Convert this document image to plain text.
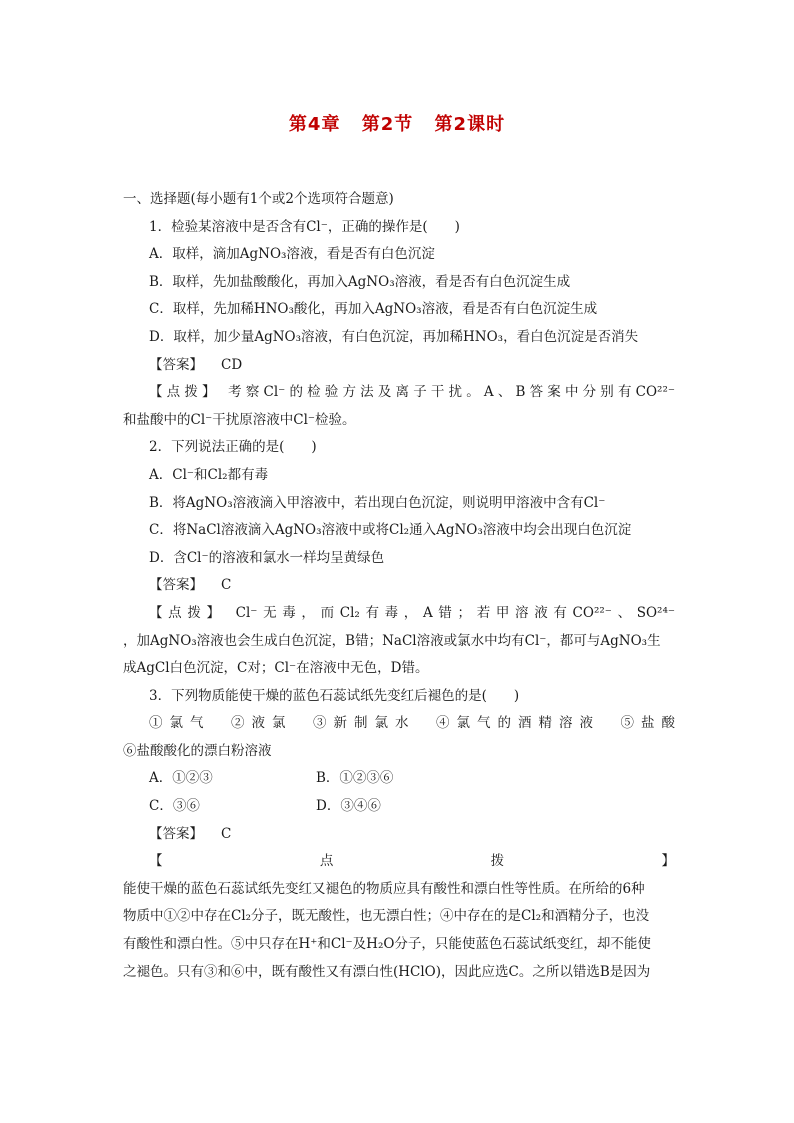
第4章 第2节 第2课时
一、选择题(每小题有1个或2个选项符合题意)
1．检验某溶液中是否含有Cl⁻，正确的操作是(　　)
A．取样，滴加AgNO₃溶液，看是否有白色沉淀
B．取样，先加盐酸酸化，再加入AgNO₃溶液，看是否有白色沉淀生成
C．取样，先加稀HNO₃酸化，再加入AgNO₃溶液，看是否有白色沉淀生成
D．取样，加少量AgNO₃溶液，有白色沉淀，再加稀HNO₃，看白色沉淀是否消失
【答案】 CD
【点拨】 考察Cl⁻的检验方法及离子干扰。A、B答案中分别有CO²²⁻
和盐酸中的Cl⁻干扰原溶液中Cl⁻检验。
2．下列说法正确的是(　　)
A．Cl⁻和Cl₂都有毒
B．将AgNO₃溶液滴入甲溶液中，若出现白色沉淀，则说明甲溶液中含有Cl⁻
C．将NaCl溶液滴入AgNO₃溶液中或将Cl₂通入AgNO₃溶液中均会出现白色沉淀
D．含Cl⁻的溶液和氯水一样均呈黄绿色
【答案】 C
【点拨】 Cl⁻无毒，而Cl₂有毒，A错；若甲溶液有CO²²⁻、SO²⁴⁻
，加AgNO₃溶液也会生成白色沉淀，B错；NaCl溶液或氯水中均有Cl⁻，都可与AgNO₃生
成AgCl白色沉淀，C对；Cl⁻在溶液中无色，D错。
3．下列物质能使干燥的蓝色石蕊试纸先变红后褪色的是(　　)
①氯气　②液氯　③新制氯水　④氯气的酒精溶液　⑤盐酸
⑥盐酸酸化的漂白粉溶液
A．①②③	B．①②③⑥
C．③⑥	D．③④⑥
【答案】 C
【点拨】
能使干燥的蓝色石蕊试纸先变红又褪色的物质应具有酸性和漂白性等性质。在所给的6种
物质中①②中存在Cl₂分子，既无酸性，也无漂白性；④中存在的是Cl₂和酒精分子，也没
有酸性和漂白性。⑤中只存在H⁺和Cl⁻及H₂O分子，只能使蓝色石蕊试纸变红，却不能使
之褪色。只有③和⑥中，既有酸性又有漂白性(HClO)，因此应选C。之所以错选B是因为
